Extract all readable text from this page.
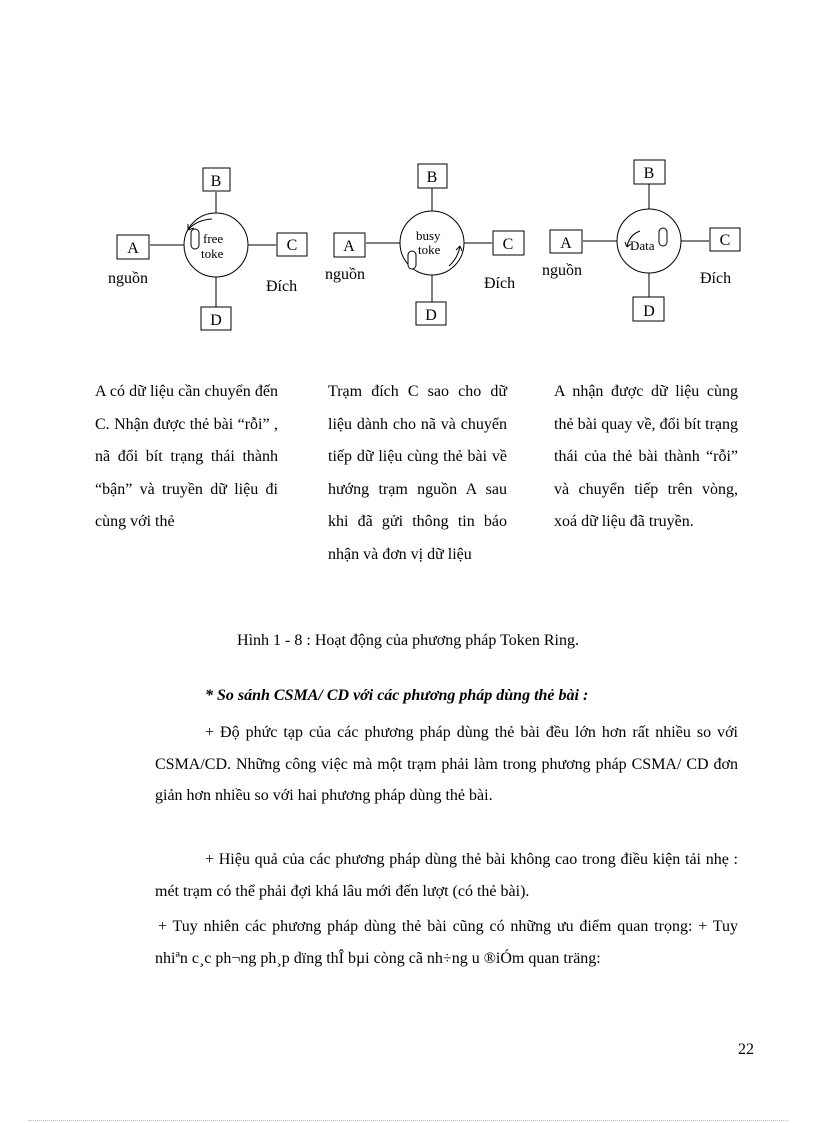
B
A	C
D
free
toke
nguồn	Đích
B
A	C
D
busy
toke
nguồn
Đích
B
A	C
D
Data
nguồn	Đích
A có dữ liệu cần chuyển đến C. Nhận được thẻ bài “rỗi” , nã đổi bít trạng thái thành “bận” và truyền dữ liệu đi cùng với thẻ
Trạm đích C sao cho dữ liệu dành cho nã và chuyển tiếp dữ liệu cùng thẻ bài về hướng trạm nguồn A sau khi đã gửi thông tin báo nhận và đơn vị dữ liệu
A nhận được dữ liệu cùng thẻ bài quay về, đổi bít trạng thái của thẻ bài thành “rỗi” và chuyển tiếp trên vòng, xoá dữ liệu đã truyền.
Hình 1 - 8 : Hoạt động của phương pháp Token Ring.
* So sánh CSMA/ CD với các phương pháp dùng thẻ bài :
+ Độ phức tạp của các phương pháp dùng thẻ bài đều lớn hơn rất nhiều so với CSMA/CD. Những công việc mà một trạm phải làm trong phương pháp CSMA/ CD đơn giản hơn nhiều so với hai phương pháp dùng thẻ bài.
+ Hiệu quả của các phương pháp dùng thẻ bài không cao trong điều kiện tải nhẹ : mét trạm có thể phải đợi khá lâu mới đến lượt (có thẻ bài).
+ Tuy nhiên các phương pháp dùng thẻ bài cũng có những ưu điểm quan trọng: + Tuy nhiªn c¸c ph¬ng ph¸p dïng thÎ bµi còng cã nh÷ng u ®iÓm quan träng:
22
